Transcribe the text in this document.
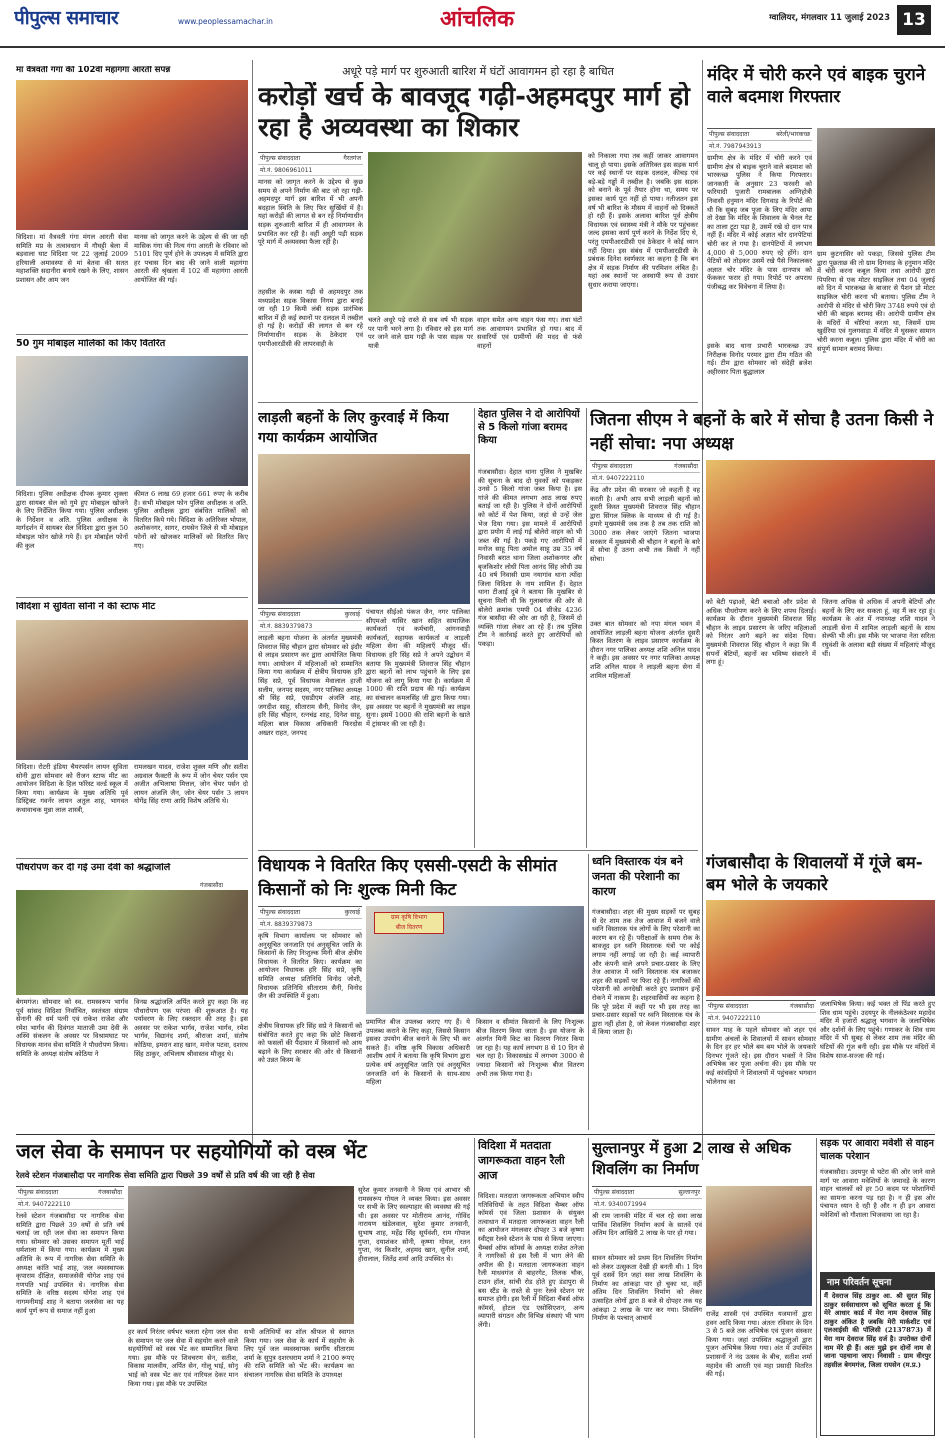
पीपुल्स समाचार	www.peoplessamachar.in	आंचलिक	ग्वालियर, मंगलवार 11 जुलाई 2023 13
मां वैत्रवती गंगा की 102वीं महागंगा आरती संपन्न
विदिशा। मां वैत्रवती गंगा मंगल आरती सेवा समिति मप्र के तत्वावधान में गौघट्टी बेला में बड़वाला घाट विदिशा पर 22 जुलाई 2009 हरियाली अमावस्या से मां बेतवा की सतत महाशक्ति सदानीरा बनाये रखने के लिए, शासन प्रशासन और आम जन
मानस को जागृत करने के उद्देश्य से की जा रही मासिक गंगा की नित्य गंगा आरती के रविवार को 5101 दिए पूर्ण होने के उपलक्ष्य में समिति द्वारा हर पचास दिन बाद की जाने वाली महागंगा आरती की श्रृंखला में 102 वीं महागंगा आरती आयोजित की गई।
50 गुम मोबाइल मालिकों को किए वितरित
विदिशा। पुलिस अधीक्षक दीपक कुमार शुक्ला द्वारा सायबर सेल को गुमे हुए मोबाइल खोजने के लिए निर्देशित किया गया। पुलिस अधीक्षक के निर्देशन व अति. पुलिस अधीक्षक के मार्गदर्शन में सायबर सेल विदिशा द्वारा कुल 50 मोबाइल फोन खोजे गये हैं। इन मोबाईल फोनों की कुल
कीमत 6 लाख 69 हजार 661 रुपए के करीब है। सभी मोबाइल फोन पुलिस अधीक्षक व अति. पुलिस अधीक्षक द्वारा संबंधित मालिकों को वितरित किये गये। विदिशा के अतिरिक्त भोपाल, अशोकनगर, सागर, रायसेन जिले से भी मोबाइल फोनों को खोजकर मालिकों को वितरित किए गए।
विदिशा में सुविता सोनी ने की स्टाफ मीट
विदिशा। रोटरी इंडिया चैयरपर्सन लायन सुविता सोनी द्वारा सोमवार को रीजन स्टाफ मीट का आयोजन विदिशा के हिल फॉरेस्ट वर्ल्ड स्कूल में किया गया। कार्यक्रम के मुख्य अतिथि पूर्व डिस्ट्रिक्ट गवर्नर लायन अतुल शाह, भागवत कथावाचक मुन्ना लाल शास्त्री,
रामलखन यादव, राजेश शुक्ल मणि और सतीश अग्रवाल फैक्टरी के रूप में जोन चेयर पर्सन एम अजीत अभिलाषा मित्तल, जोन चेयर पर्सन दो लायन अंजलि जैन, जोन चेयर पर्सन 3 लायन योगेंद्र सिंह राणा आदि विशेष अतिथि थे।
पौधरोपण कर दी गई उमा देवी को श्रद्धांजलि
गंजबासौदा
बेगमगंज। सोमवार को स्व. रामस्वरूप भार्गव पूर्व सांसद विदिशा निर्वाचित, स्वतंत्रता संग्राम सेनानी की धर्म पत्नी एवं राकेश राजेश और रमेश भार्गव की दिवंगत माताजी उमा देवी के अस्थि संकलन के अवसर पर विश्रामघाट पर विधायक मानव सेवा समिति ने पौधरोपण किया। समिति के अध्यक्ष संतोष कोठिया ने
विनम्र श्रद्धांजलि अर्पित करते हुए कहा कि वह पौधारोपण एक परंपरा की शुरूआत है। यह पर्यावरण के लिए रक्तदान की तरह है। इस अवसर पर राकेश भार्गव, राजेश भार्गव, रमेश भार्गव, विद्यानंद शर्मा, श्रीराजा शर्मा, संतोष कोठिया, इमरान शाह खान, मनोज पटवा, दशरथ सिंह ठाकुर, अभिलाष श्रीवास्तव मौजूद थे।
अधूरे पड़े मार्ग पर शुरुआती बारिश में घंटों आवागमन हो रहा है बाधित
करोड़ों खर्च के बावजूद गढ़ी-अहमदपुर मार्ग हो रहा है अव्यवस्था का शिकार
पीपुल्स संवाददाता	गैरतगंज
मो.नं. 9806961011
मानस को जागृत करने के उद्देश्य से कुछ समय से अपने निर्माण की बाट जो रहा गढ़ी-अहमदपुर मार्ग इस बारिश में भी अपनी बदहाल स्थिति के लिए फिर सुर्खियों में है। यहां करोड़ों की लागत से बन रहे निर्माणाधीन सड़क शुरुआती बारिश में ही आवागमन के प्रभावित कर रही है। वहीं अधूरी पड़ी सड़क पूरे मार्ग में अव्यवस्था फैला रही है।
तहसील के कस्बा गढ़ी से अहमदपुर तक मध्यप्रदेश सड़क विकास निगम द्वारा बनाई जा रही 19 किमी लंबी सड़क प्रारंभिक बारिश में ही कई स्थानों पर दलदल में तब्दील हो गई है। करोड़ों की लागत से बन रहे निर्माणाधीन सड़क के ठेकेदार एवं एमपीआरडीसी की लापरवाही के
चलते अधूरे पड़े रास्ते से सब वर्ष भी सड़क पर पानी भरने लगा है। रविवार को इस मार्ग पर जाने वाले ग्राम गढ़ी के पास सड़क पर यात्री
वाहन समेत अन्य वाहन फंस गए। तथा घंटों तक आवागमन प्रभावित हो गया। बाद में सवारियों एवं ग्रामीणों की मदद से फंसे वाहनों
को निकाला गया तब कहीं जाकर आवागमन चालू हो पाया। इसके अतिरिक्त इस सड़क मार्ग पर कई स्थानों पर सड़क दलदल, कीचड़ एवं बड़े-बड़े गड्ढों में तब्दील है। जबकि इस सड़क को बनाने के पूर्व तैयार होना था, समय पर इसका कार्य पूरा नहीं हो पाया। नतीजतन इस वर्ष भी बारिश के मौसम में वाहनों को दिक्कतें हो रही हैं। इसके अलावा बारिश पूर्व क्षेत्रीय विधायक एवं स्वास्थ्य मंत्री ने मौके पर पहुंचकर जल्द इसका कार्य पूर्ण करने के निर्देश दिए थे, परंतु एमपीआरडीसी एवं ठेकेदार ने कोई ध्यान नहीं दिया। इस संबंध में एमपीआरडीसी के प्रबंधक दिनेश स्वर्णकार का कहना है कि बन क्षेत्र में सड़क निर्माण की परमिशन लंबित है। यहां अब स्थानों पर अस्थायी रूप से उधार सुधार कराया जाएगा।
मंदिर में चोरी करने एवं बाइक चुराने वाले बदमाश गिरफ्तार
पीपुल्स संवाददाता	बरेली/भारकच्छ
मो.नं. 7987943913
ग्रामीण क्षेत्र के मंदिर में चोरी करने एवं ग्रामीण क्षेत्र से बाइक चुराने वाले बदमाश को भारकच्छ पुलिस ने किया गिरफ्तार। जानकारी के अनुसार 23 फरवरी को फरियादी पुजारी रामबालक अग्निहोत्री निवासी हनुमान मंदिर दिगवाड़ के रिपोर्ट की थी कि सुबह जब पूजा के लिए मंदिर आया तो देखा कि मंदिर के शिवालय के चैनल गेट का ताला टूटा पड़ा है, उसमें रखे दो दान पात्र नहीं हैं। मंदिर में कोई अज्ञात चोर दानपेटियां चोरी कर ले गया है। दानपेटियों में लगभग 4,000 से 5,000 रुपए रहे होंगे। दान पेटियों को तोड़कर उसमें रखे पैसे निकालकर अज्ञात चोर मंदिर के पास दानपात्र को फेंककर फरार हो गया। रिपोर्ट पर अपराध पंजीबद्ध कर विवेचना में लिया है।
इसके बाद थाना प्रभारी भारकच्छ उप निरीक्षक विनोद परमार द्वारा टीम गठित की गई। टीम द्वारा सोमवार को संदेही ब्रजेश अहीरवार पिता बुद्धालाल
ग्राम कुटनासिर को पकड़ा, जिससे पुलिस टीम द्वारा पूछताछ की तो ग्राम दिगवाड़ के हनुमान मंदिर में चोरी करना कबूल किया तथा आरोपी द्वारा पिपरिया से एक मोटर साइकिल तथा 04 जुलाई को दिन में भारकच्छ के बाजार से पैशन प्रो मोटर साइकिल चोरी करना भी बताया। पुलिस टीम ने आरोपी से मंदिर से चोरी किए 3748 रुपये एवं दो चोरी की बाइक बरामद की। आरोपी ग्रामीण क्षेत्र के मंदिरों में चोरियां करता था, जिसमें ग्राम खुर्दरिया एवं गुलगवाड़ा में मंदिर में घुसकर सामान चोरी करना कबूल। पुलिस द्वारा मंदिर में चोरी का संपूर्ण सामान बरामद किया।
लाड़ली बहनों के लिए कुरवाई में किया गया कार्यक्रम आयोजित
पीपुल्स संवाददाता	कुरवाई
मो.नं. 8839379873
लाड़ली बहना योजना के अंतर्गत मुख्यमंत्री शिवराज सिंह चौहान द्वारा सोमवार को इंदौर से लाइव प्रसारण कर द्वारा आयोजित किया गया। आयोजन में महिलाओं को सम्मानित किया गया कार्यक्रम में क्षेत्रीय विधायक हरि सिंह सप्रे, पूर्व विधायक मेवालाल हाजी सलीम, जनपद सदस्य, नगर पालिका अध्यक्ष श्री सिंह सप्रे, एसडीएम अंजलि शाह, जगदीश साहू, सीताराम सैनी, विनोद जैन, हरि सिंह चौहान, रत्नचंद्र शाह, दिनेश साहू, महिला बाल विकास अधिकारी फिरदोस अख्तर राहत, जनपद
पंचायत सीईओ पंकज जैन, नगर पालिका सीएमओ यासिर खान सहित सामाजिक कार्यकर्ता एवं कर्मचारी, आंगनवाड़ी कार्यकर्ता, सहायक कार्यकर्ता व लाड़ली महिला सेना की महिलाएँ मौजूद थीं। विधायक हरि सिंह सप्रे ने अपने उद्बोधन में बताया कि मुख्यमंत्री शिवराज सिंह चौहान द्वारा बहनों को लाभ पहुंचाने के लिए इस योजना को लागू किया गया है। कार्यक्रम में 1000 की राशि प्रदाय की गई। कार्यक्रम का संचालन कमलसिंह जी द्वारा किया गया। इस अवसर पर बहनों ने मुख्यमंत्री का लाइव सुना। इसमें 1000 की राशि बहनों के खाते में ट्रांसफर की जा रही है।
देहात पुलिस ने दो आरोपियों से 5 किलो गांजा बरामद किया
गंजबासौदा। देहात थाना पुलिस ने मुखबिर की सूचना के बाद दो युवकों को पकड़कर उनसे 5 किलो गांजा जब्त किया है। इस गांजे की कीमत लगभग आठ लाख रुपए बताई जा रही है। पुलिस ने दोनों आरोपियों को कोर्ट में पेश किया, जहां से उन्हें जेल भेज दिया गया। इस मामले में आरोपियों द्वारा प्रयोग में लाई गई बोलेरो वाहन को भी जब्त की गई है। पकड़े गए आरोपियों में मनोज साहू पिता अमोल साहू उम्र 35 वर्ष निवासी बरात थाना जिला अशोकनगर और बृजकिशोर लोधी पिता आनंद सिंह लोधी उम्र 40 वर्ष निवासी ग्राम नयागांव थाना त्योंदा जिला विदिशा के नाम शामिल हैं। देहात थाना टीआई दुबे ने बताया कि मुखबिर से सूचना मिली थी कि गुलाबगंज की ओर से बोलेरो क्रमांक एमपी 04 सीजेड 4236 गंज बासौदा की ओर आ रही है, जिसमें दो व्यक्ति गांजा लेकर आ रहे हैं। तब पुलिस टीम ने कार्रवाई करते हुए आरोपियों को पकड़ा।
जितना सीएम ने बहनों के बारे में सोचा है उतना किसी ने नहीं सोचा: नपा अध्यक्ष
पीपुल्स संवाददाता	गंजबासौदा
मो.नं. 9407222110
केंद्र और प्रदेश की सरकार जो कहती है वह करती है। अभी आप सभी लाड़ली बहनों को दूसरी किस्त मुख्यमंत्री शिवराज सिंह चौहान द्वारा सिंगल क्लिक के माध्यम से दी गई है। हमारे मुख्यमंत्री जब तक है तब तक राशि को 3000 तक लेकर जाएंगे जितना भाजपा सरकार में मुख्यमंत्री श्री चौहान ने बहनों के बारे में सोचा है उतना अभी तक किसी ने नहीं सोचा।
उक्त बात सोमवार को नपा मंगल भवन में आयोजित लाड़ली बहना योजना अंतर्गत दूसरी किस्त वितरण के लाइव प्रसारण कार्यक्रम के दौरान नगर पालिका अध्यक्ष शशि अनिल यादव ने कही। इस अवसर पर नगर पालिका अध्यक्ष शशि अनिल यादव ने लाड़ली बहना सेना में शामिल महिलाओं
को बेटी पढ़ाओ, बेटी बचाओ और प्रदेश से अधिक पौधरोपण करने के लिए शपथ दिलाई। कार्यक्रम के दौरान मुख्यमंत्री शिवराज सिंह चौहान के लाइव प्रसारण के जरिए महिलाओं को निरंतर आगे बढ़ने का संदेश दिया। मुख्यमंत्री शिवराज सिंह चौहान ने कहा कि मैं सपनों बेटियों, बहनों का भविष्य संवारने में लगा हूं।
जितना अधिक से अधिक में अपनी बेटियों और बहनों के लिए कर सकता हूं, वह मैं कर रहा हूं। कार्यक्रम के अंत में नपाध्यक्ष शशि यादव ने लाड़ली सेना में शामिल लाड़ली बहनों के साथ सेल्फी भी ली। इस मौके पर भाजपा नेता सरिता रघुवंशी के अलावा बड़ी संख्या में महिलाएं मौजूद थीं।
विधायक ने वितरित किए एससी-एसटी के सीमांत किसानों को निः शुल्क मिनी किट
पीपुल्स संवाददाता	कुरवाई
मो.नं. 8839379873
कृषि विभाग कार्यालय पर सोमवार को अनुसूचित जनजाति एवं अनुसूचित जाति के किसानों के लिए निःशुल्क मिनी बीज क्षेत्रीय विधायक ने वितरित किए। कार्यक्रम का आयोजन विधायक हरि सिंह सप्रे, कृषि समिति अध्यक्ष प्रतिनिधि विनोद जोशी, विधायक प्रतिनिधि सीताराम सैनी, विनोद जैन की उपस्थिति में हुआ।
क्षेत्रीय विधायक हरि सिंह सप्रे ने किसानों को संबोधित करते हुए कहा कि छोटे किसानों को फसलों की पैदावार में किसानों को आय बढ़ाने के लिए सरकार की ओर से किसानों को उन्नत किस्म के
ग्राम कृषि विभाग
बीज वितरण
प्रमाणित बीज उपलब्ध कराए गए हैं। ये उपलब्ध कराने के लिए कहा, जिससे किसान इसका उपयोग बीज बनाने के लिए भी कर सकते हैं। वरिष्ठ कृषि विकास अधिकारी आशीष आर्य ने बताया कि कृषि विभाग द्वारा प्रत्येक वर्ष अनुसूचित जाति एवं अनुसूचित जनजाति वर्ग के किसानों के साथ-साथ महिला
किसान व सीमांत किसानों के लिए निःशुल्क बीज वितरण किया जाता है। इस योजना के अंतर्गत मिनी किट का वितरण निरंतर किया जा रहा है। यह कार्य लगभग 8 से 10 दिन से चल रहा है। विकासखंड में लगभग 3000 से ज्यादा किसानों को निःशुल्क बीज वितरण अभी तक किया गया है।
ध्वनि विस्तारक यंत्र बने जनता की परेशानी का कारण
गंजबासौदा। शहर की मुख्य सड़कों पर सुबह से देर शाम तक तेज आवाज में बजने वाले ध्वनि विस्तारक यंत्र लोगों के लिए परेशानी का कारण बन रहे हैं। परीक्षाओं के समय रोक के बावजूद इन ध्वनि विस्तारक यंत्रों पर कोई लगाम नहीं लगाई जा रही है। कई व्यापारी और कंपनी वाले अपने प्रचार-प्रसार के लिए तेज आवाज में ध्वनि विस्तारक यंत्र बजाकर शहर की सड़कों पर फिरा रहे हैं। नागरिकों की परेशानी को अनदेखी करते हुए प्रशासन इन्हें रोकने में नाकाम है। शहरवासियों का कहना है कि पूरे प्रदेश में कहीं पर भी इस तरह का प्रचार-प्रसार सड़कों पर ध्वनि विस्तारक यंत्र के द्वारा नहीं होता है, जो केवल गंजबासौदा शहर में किया जाता है।
गंजबासौदा के शिवालयों में गूंजे बम-बम भोले के जयकारे
पीपुल्स संवाददाता	गंजबासौदा
मो.नं. 9407222110
सावन माह के पहले सोमवार को शहर एवं ग्रामीण अंचलों के शिवालयों में सावन सोमवार के दिन हर हर भोले बम बम भोले के जयकारे दिनभर गूंजते रहे। इस दौरान भक्तों ने शिव अभिषेक कर पूजा अर्चना की। इस मौके पर कई कांवड़ियों ने शिवालयों में पहुंचकर भगवान भोलेनाथ का
जलाभिषेक किया। कई भक्त तो पिंड करते हुए शिव धाम पहुंचे। उदयपुर के नीलकंठेश्वर महादेव मंदिर में हजारों श्रद्धालु भगवान के जलाभिषेक और दर्शनों के लिए पहुंचे। गणाकर के शिव धाम मंदिर में भी सुबह से लेकर शाम तक मंदिर की घंटियों की गूंज बनी रही। इस मौके पर मंदिरों में विशेष साज-सज्जा की गई।
जल सेवा के समापन पर सहयोगियों को वस्त्र भेंट
रेलवे स्टेशन गंजबासौदा पर नागरिक सेवा समिति द्वारा पिछले 39 वर्षों से प्रति वर्ष की जा रही है सेवा
पीपुल्स संवाददाता	गंजबासौदा
मो.नं. 9407222110
रेलवे स्टेशन गंजबासौदा पर नागरिक सेवा समिति द्वारा पिछले 39 वर्षों से प्रति वर्ष चलाई जा रही जल सेवा का समापन किया गया। सोमवार को उसका समापन मूर्ती भाई धर्मशाला में किया गया। कार्यक्रम में मुख्य अतिथि के रूप में नागरिक सेवा समिति के अध्यक्ष कांति भाई शाह, जल व्यवस्थापक कृपाराम दीक्षित, समाजसेवी योगेश शाह एवं गणपति भाई उपस्थित थे। नागरिक सेवा समिति के वरिष्ठ सदस्य योगेश शाह एवं नागमनीमाई शाह ने बताया जलसेवा का यह कार्य पूर्ण रूप से समाज नहीं हुआ
हर कार्य निरंतर वर्षभर चलता रहेगा जल सेवा के समापन पर जल सेवा में सहयोग करने वाले सहयोगियों को वस्त्र भेंट कर सम्मानित किया गया। इस मौके पर शिवचरण सेन, सतीश, विकास मालवीय, अर्पित सेन, गोलू भाई, सोनू भाई को वस्त्र भेंट कर एवं नारियल देकर मान किया गया। इस मौके पर उपस्थित
सभी अतिथियों का शॉल श्रीफल से स्वागत किया गया। जल सेवा के कार्य में सहयोग के लिए पूर्व जल व्यवस्थापक स्वर्गीय सीताराम शर्मा के सुपुत्र दशरथराम शर्मा ने 2100 रूपए की राशि समिति को भेंट की। कार्यक्रम का संचालन नागरिक सेवा समिति के उपाध्यक्ष
सुरेश कुमार तनवानी ने किया एवं आभार श्री रामस्वरूप गोयल ने व्यक्त किया। इस अवसर पर सभी के लिए स्वल्पाहार की व्यवस्था की गई थी। इस अवसर पर मोतीराम आनंद, गोविंद नारायण खंडेलवाल, सुरेश कुमार तनवानी, सुभाष शाह, महेंद्र सिंह सूर्यवंशी, राम गोपाल गुप्ता, दयाशंकर सोनी, कृष्णा गोयल, रतन गुप्ता, नंद किशोर, अहमद खान, सुनील शर्मा, हीरालाल, जितेंद्र शर्मा आदि उपस्थित थे।
विदिशा में मतदाता जागरूकता वाहन रैली आज
विदिशा। मतदाता जागरूकता अभियान स्वीप गतिविधियों के तहत विदिशा चैम्बर ऑफ कॉमर्स एवं जिला प्रशासन के संयुक्त तत्वाधान में मतदाता जागरूकता वाहन रैली का आयोजन मंगलवार दोपहर 3 बजे कृष्णा स्वीट्स रेलवे स्टेशन के पास से किया जाएगा। चैम्बर्स ऑफ कॉमर्स के अध्यक्ष राजेश तनेजा ने नागरिकों से इस रैली में भाग लेने की अपील की है। मतदाता जागरूकता वाहन रैली माधवगंज से बाहरगेट, तिलक चौक, टाउन हॉल, सांची रोड होते हुए डंडापुरा से बस स्टैंड के रास्ते से पुनः रेलवे स्टेशन पर समाप्त होगी। इस रैली में विदिशा चैंबर्स ऑफ कॉमर्स, होटल एंड एसोसिएशन, अन्य व्यापारी संगठन और विभिन्न संस्थाएं भी भाग लेंगी।
सुल्तानपुर में हुआ 2 लाख से अधिक शिवलिंग का निर्माण
पीपुल्स संवाददाता	सुल्तानपुर
मो.नं. 9340071994
श्री राम जानकी मंदिर में चल रहे सवा लाख पार्थिव शिवलिंग निर्माण कार्य के सातवें एवं अंतिम दिन आखिरी 2 लाख के पार हो गया।
सावन सोमवार को प्रथम दिन शिवलिंग निर्माण को लेकर उत्सुकता देखी ही बनती थी। 1 दिन पूर्व दसवें दिन जहां सवा लाख शिवलिंग के निर्माण का आंकड़ा पार हो चुका था, वहीं अंतिम दिन शिवलिंग निर्माण को लेकर उत्साहित लोगों द्वारा 8 बजे से दोपहर तक यह आंकड़ा 2 लाख के पार कर गया। शिवलिंग निर्माण के पश्चात् आचार्य
राजेंद्र शास्त्री एवं उपस्थित यजमानों द्वारा हवन आदि किया गया। अंततः रविवार के दिन 3 से 5 बजे तक अभिषेक एवं पूजन संस्कार किया गया। जहां उपस्थित श्रद्धालुओं द्वारा पूजन अभिषेक किया गया। अंत में उपस्थित प्रशासनों ने नंद उत्सव के बीच, सतीश शर्मा महादेव की आरती एवं महा प्रसादी वितरित की गई।
सड़क पर आवारा मवेशी से वाहन चालक परेशान
गंजबासौदा। उदयपुर से घटेरा की ओर जाने वाले मार्ग पर आवारा मवेशियों के जमावड़े के कारण वाहन चालकों को हर 50 कदम पर परेशानियों का सामना करना पड़ रहा है। न ही इस ओर पंचायत ध्यान दे रही है और न ही इन आवारा मवेशियों को गौशाला भिजवाया जा रहा है।
नाम परिवर्तन सूचना
मैं देवराज सिंह ठाकुर आ. श्री सुरत सिंह ठाकुर सर्वसाधारण को सूचित करता हूं कि मेरे आधार कार्ड में मेरा नाम देवराज सिंह ठाकुर अंकित है जबकि मेरी मार्कशीट एवं एलआईसी की पॉलिसी (2137873) में मेरा नाम देवराज सिंह दर्ज है। उपरोक्त दोनों नाम मेरे ही हैं। अतः मुझे इन दोनों नाम से जाना पहचाना जाए। निवासी : ग्राम वीरपुर तहसील बेगमगंज, जिला रायसेन (म.प्र.)
